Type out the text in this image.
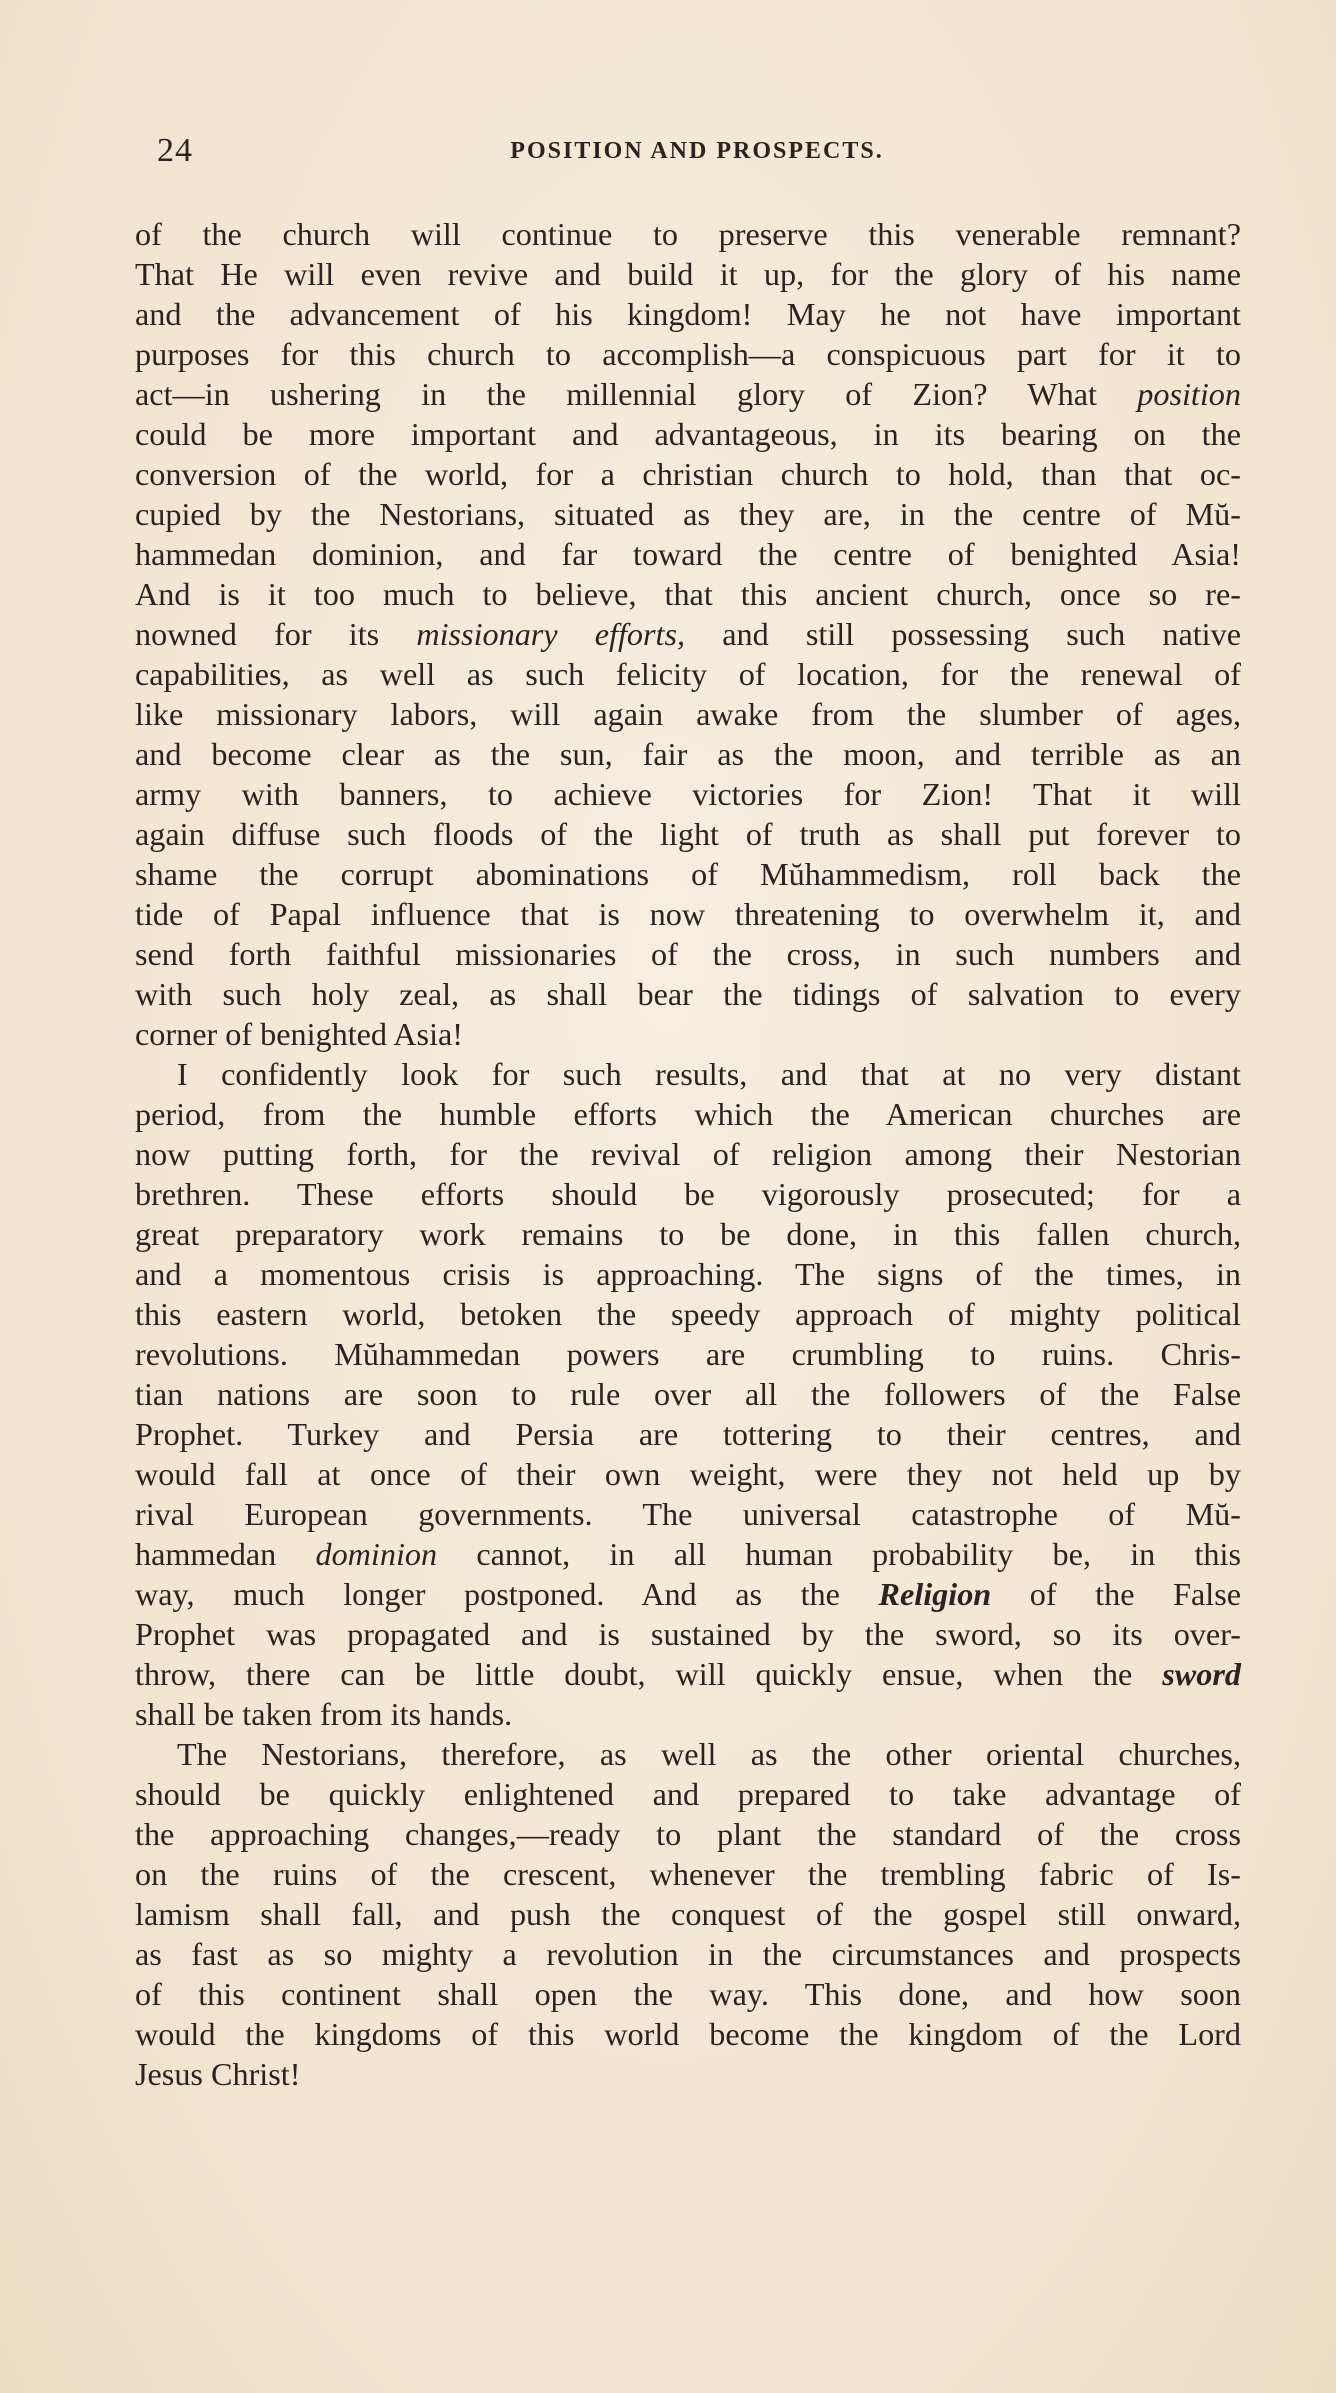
24	POSITION AND PROSPECTS.
of the church will continue to preserve this venerable remnant?
That He will even revive and build it up, for the glory of his name
and the advancement of his kingdom! May he not have important
purposes for this church to accomplish—a conspicuous part for it to
act—in ushering in the millennial glory of Zion? What position
could be more important and advantageous, in its bearing on the
conversion of the world, for a christian church to hold, than that oc-
cupied by the Nestorians, situated as they are, in the centre of Mŭ-
hammedan dominion, and far toward the centre of benighted Asia!
And is it too much to believe, that this ancient church, once so re-
nowned for its missionary efforts, and still possessing such native
capabilities, as well as such felicity of location, for the renewal of
like missionary labors, will again awake from the slumber of ages,
and become clear as the sun, fair as the moon, and terrible as an
army with banners, to achieve victories for Zion! That it will
again diffuse such floods of the light of truth as shall put forever to
shame the corrupt abominations of Mŭhammedism, roll back the
tide of Papal influence that is now threatening to overwhelm it, and
send forth faithful missionaries of the cross, in such numbers and
with such holy zeal, as shall bear the tidings of salvation to every
corner of benighted Asia!
I confidently look for such results, and that at no very distant
period, from the humble efforts which the American churches are
now putting forth, for the revival of religion among their Nestorian
brethren. These efforts should be vigorously prosecuted; for a
great preparatory work remains to be done, in this fallen church,
and a momentous crisis is approaching. The signs of the times, in
this eastern world, betoken the speedy approach of mighty political
revolutions. Mŭhammedan powers are crumbling to ruins. Chris-
tian nations are soon to rule over all the followers of the False
Prophet. Turkey and Persia are tottering to their centres, and
would fall at once of their own weight, were they not held up by
rival European governments. The universal catastrophe of Mŭ-
hammedan dominion cannot, in all human probability be, in this
way, much longer postponed. And as the Religion of the False
Prophet was propagated and is sustained by the sword, so its over-
throw, there can be little doubt, will quickly ensue, when the sword
shall be taken from its hands.
The Nestorians, therefore, as well as the other oriental churches,
should be quickly enlightened and prepared to take advantage of
the approaching changes,—ready to plant the standard of the cross
on the ruins of the crescent, whenever the trembling fabric of Is-
lamism shall fall, and push the conquest of the gospel still onward,
as fast as so mighty a revolution in the circumstances and prospects
of this continent shall open the way. This done, and how soon
would the kingdoms of this world become the kingdom of the Lord
Jesus Christ!
